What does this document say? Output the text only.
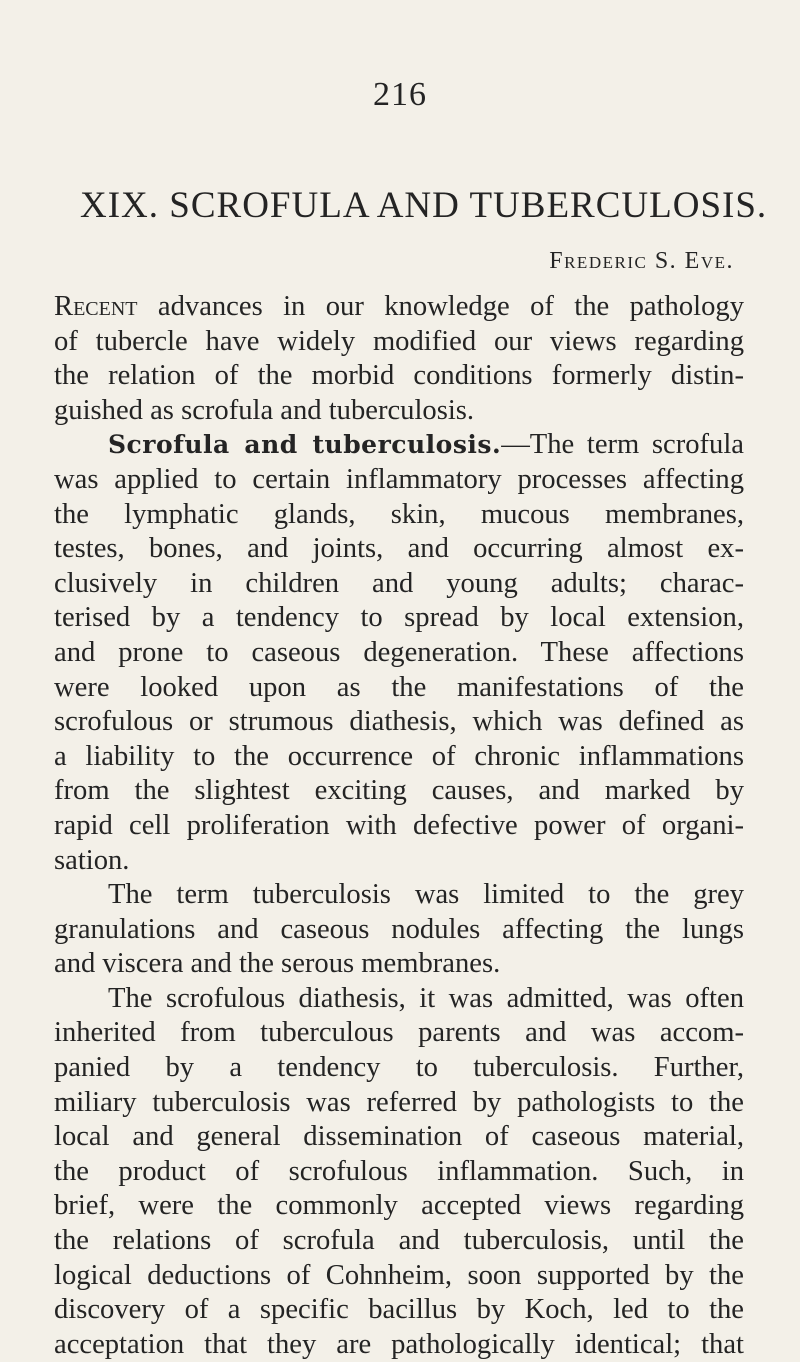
216
XIX. SCROFULA AND TUBERCULOSIS.
Frederic S. Eve.
Recent advances in our knowledge of the pathology
of tubercle have widely modified our views regarding
the relation of the morbid conditions formerly distin-
guished as scrofula and tuberculosis.
Scrofula and tuberculosis.—The term scrofula
was applied to certain inflammatory processes affecting
the lymphatic glands, skin, mucous membranes,
testes, bones, and joints, and occurring almost ex-
clusively in children and young adults; charac-
terised by a tendency to spread by local extension,
and prone to caseous degeneration. These affections
were looked upon as the manifestations of the
scrofulous or strumous diathesis, which was defined as
a liability to the occurrence of chronic inflammations
from the slightest exciting causes, and marked by
rapid cell proliferation with defective power of organi-
sation.
The term tuberculosis was limited to the grey
granulations and caseous nodules affecting the lungs
and viscera and the serous membranes.
The scrofulous diathesis, it was admitted, was often
inherited from tuberculous parents and was accom-
panied by a tendency to tuberculosis. Further,
miliary tuberculosis was referred by pathologists to the
local and general dissemination of caseous material,
the product of scrofulous inflammation. Such, in
brief, were the commonly accepted views regarding
the relations of scrofula and tuberculosis, until the
logical deductions of Cohnheim, soon supported by the
discovery of a specific bacillus by Koch, led to the
acceptation that they are pathologically identical; that
